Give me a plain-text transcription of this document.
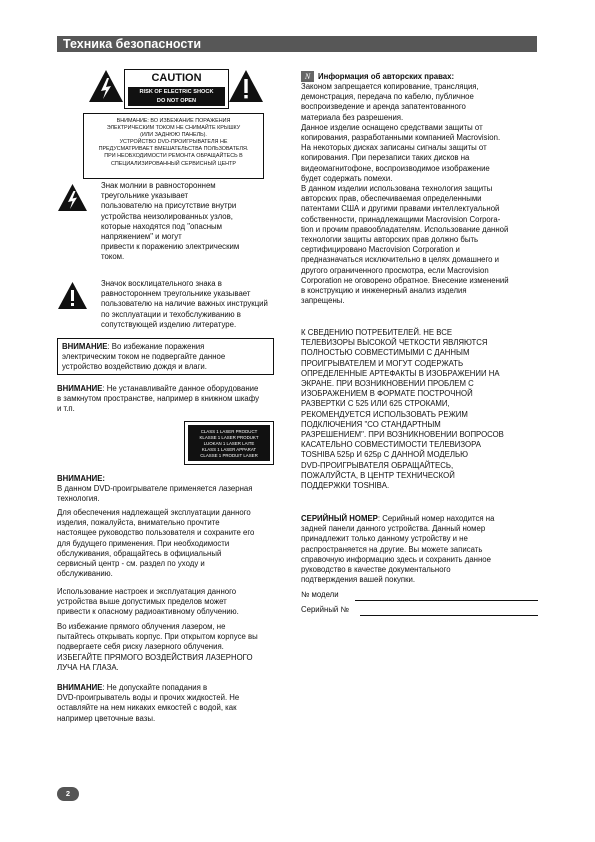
Техника безопасности
CAUTION
RISK OF ELECTRIC SHOCK
DO NOT OPEN

ВНИМАНИЕ: ВО ИЗБЕЖАНИЕ ПОРАЖЕНИЯ

ЭЛЕКТРИЧЕСКИМ ТОКОМ НЕ СНИМАЙТЕ КРЫШКУ

(ИЛИ ЗАДНЮЮ ПАНЕЛЬ).

УСТРОЙСТВО DVD-ПРОИГРЫВАТЕЛЯ НЕ

ПРЕДУСМАТРИВАЕТ ВМЕШАТЕЛЬСТВА ПОЛЬЗОВАТЕЛЯ.

ПРИ НЕОБХОДИМОСТИ РЕМОНТА ОБРАЩАЙТЕСЬ В

СПЕЦИАЛИЗИРОВАННЫЙ СЕРВИСНЫЙ ЦЕНТР

Знак молнии в равностороннем

треугольнике указывает

пользователю на присутствие внутри

устройства неизолированных узлов,

которые находятся под "опасным

напряжением" и могут

привести к поражению электрическим

током.

Значок восклицательного знака в

равностороннем треугольнике указывает

пользователю на наличие важных инструкций

по эксплуатации и техобслуживанию в

сопутствующей изделию литературе.

ВНИМАНИЕ: Во избежание поражения

электрическим током не подвергайте данное

устройство воздействию дождя и влаги.

ВНИМАНИЕ: Не устанавливайте данное оборудование

в замкнутом пространстве, например в книжном шкафу

и т.п.

CLASS 1 LASER PRODUCT
KLASSE 1 LASER PRODUKT
LUOKAN 1 LASER LAITE
KLASS 1 LASER APPARAT
CLASSE 1 PRODUIT LASER

ВНИМАНИЕ:

В данном DVD-проигрывателе применяется лазерная

технология.

Для обеспечения надлежащей эксплуатации данного

изделия, пожалуйста, внимательно прочтите

настоящее руководство пользователя и сохраните его

для будущего применения. При необходимости

обслуживания, обращайтесь в официальный

сервисный центр - см. раздел по уходу и

обслуживанию.

Использование настроек и эксплуатация данного

устройства выше допустимых пределов может

привести к опасному радиоактивному облучению.

Во избежание прямого облучения лазером, не

пытайтесь открывать корпус. При открытом корпусе вы

подвергаете себя риску лазерного облучения.

ИЗБЕГАЙТЕ ПРЯМОГО ВОЗДЕЙСТВИЯ ЛАЗЕРНОГО

ЛУЧА НА ГЛАЗА.

ВНИМАНИЕ: Не допускайте попадания в

DVD-проигрыватель воды и прочих жидкостей. Не

оставляйте на нем никаких емкостей с водой, как

например цветочные вазы.

N	Информация об авторских правах:

Законом запрещается копирование, трансляция,

демонстрация, передача по кабелю, публичное

воспроизведение и аренда запатентованного

материала без разрешения.

Данное изделие оснащено средствами защиты от

копирования, разработанными компанией Macrovision.

На некоторых дисках записаны сигналы защиты от

копирования. При перезаписи таких дисков на

видеомагнитофоне, воспроизводимое изображение

будет содержать помехи.

В данном изделии использована технология защиты

авторских прав, обеспечиваемая определенными

патентами США и другими правами интеллектуальной

собственности, принадлежащими Macrovision Corpora-

tion и прочим правообладателям. Использование данной

технологии защиты авторских прав должно быть

сертифицировано Macrovision Corporation и

предназначаться исключительно в целях домашнего и

другого ограниченного просмотра, если Macrovision

Corporation не оговорено обратное. Внесение изменений

в конструкцию и инженерный анализ изделия

запрещены.

К СВЕДЕНИЮ ПОТРЕБИТЕЛЕЙ. НЕ ВСЕ

ТЕЛЕВИЗОРЫ ВЫСОКОЙ ЧЕТКОСТИ ЯВЛЯЮТСЯ

ПОЛНОСТЬЮ СОВМЕСТИМЫМИ С ДАННЫМ

ПРОИГРЫВАТЕЛЕМ И МОГУТ СОДЕРЖАТЬ

ОПРЕДЕЛЕННЫЕ АРТЕФАКТЫ В ИЗОБРАЖЕНИИ НА

ЭКРАНЕ. ПРИ ВОЗНИКНОВЕНИИ ПРОБЛЕМ С

ИЗОБРАЖЕНИЕМ В ФОРМАТЕ ПОСТРОЧНОЙ

РАЗВЕРТКИ С 525 ИЛИ 625 СТРОКАМИ,

РЕКОМЕНДУЕТСЯ ИСПОЛЬЗОВАТЬ РЕЖИМ

ПОДКЛЮЧЕНИЯ "СО СТАНДАРТНЫМ

РАЗРЕШЕНИЕМ". ПРИ ВОЗНИКНОВЕНИИ ВОПРОСОВ

КАСАТЕЛЬНО СОВМЕСТИМОСТИ ТЕЛЕВИЗОРА

TOSHIBA 525p И 625p С ДАННОЙ МОДЕЛЬЮ

DVD-ПРОИГРЫВАТЕЛЯ ОБРАЩАЙТЕСЬ,

ПОЖАЛУЙСТА, В ЦЕНТР ТЕХНИЧЕСКОЙ

ПОДДЕРЖКИ TOSHIBA.

СЕРИЙНЫЙ НОМЕР: Серийный номер находится на

задней панели данного устройства. Данный номер

принадлежит только данному устройству и не

распространяется на другие. Вы можете записать

справочную информацию здесь и сохранить данное

руководство в качестве документального

подтверждения вашей покупки.

№ модели
Серийный №
2
